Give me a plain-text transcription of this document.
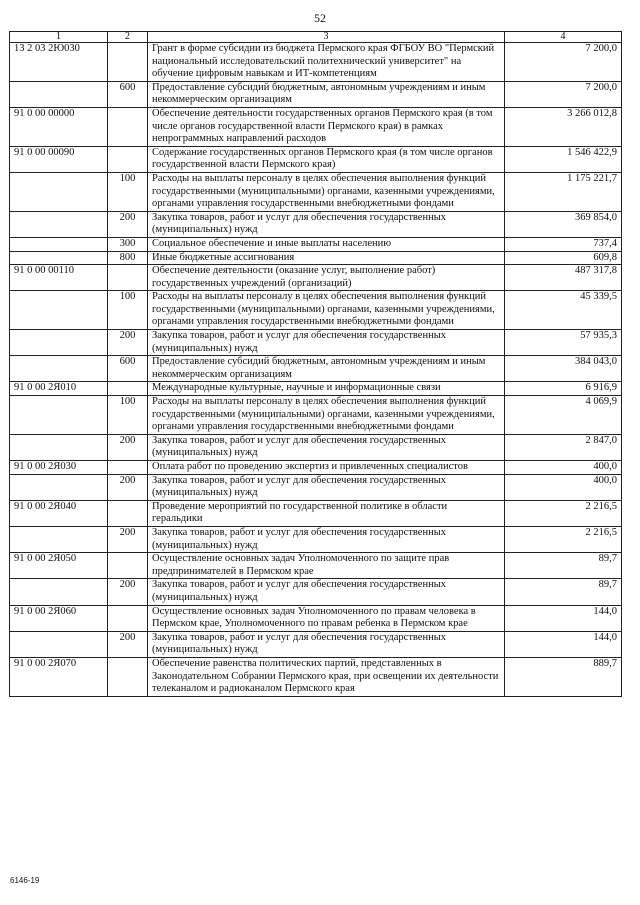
52
1	2	3	4
13 2 03 2Ю030		Грант в форме субсидии из бюджета Пермского края ФГБОУ ВО "Пермский национальный исследовательский политехнический университет" на обучение цифровым навыкам и ИТ-компетенциям	7 200,0
	600	Предоставление субсидий бюджетным, автономным учреждениям и иным некоммерческим организациям	7 200,0
91 0 00 00000		Обеспечение деятельности государственных органов Пермского края (в том числе органов государственной власти Пермского края) в рамках непрограммных направлений расходов	3 266 012,8
91 0 00 00090		Содержание государственных органов Пермского края (в том числе органов государственной власти Пермского края)	1 546 422,9
	100	Расходы на выплаты персоналу в целях обеспечения выполнения функций государственными (муниципальными) органами, казенными учреждениями, органами управления государственными внебюджетными фондами	1 175 221,7
	200	Закупка товаров, работ и услуг для обеспечения государственных (муниципальных) нужд	369 854,0
	300	Социальное обеспечение и иные выплаты населению	737,4
	800	Иные бюджетные ассигнования	609,8
91 0 00 00110		Обеспечение деятельности (оказание услуг, выполнение работ) государственных учреждений (организаций)	487 317,8
	100	Расходы на выплаты персоналу в целях обеспечения выполнения функций государственными (муниципальными) органами, казенными учреждениями, органами управления государственными внебюджетными фондами	45 339,5
	200	Закупка товаров, работ и услуг для обеспечения государственных (муниципальных) нужд	57 935,3
	600	Предоставление субсидий бюджетным, автономным учреждениям и иным некоммерческим организациям	384 043,0
91 0 00 2Я010		Международные культурные, научные и информационные связи	6 916,9
	100	Расходы на выплаты персоналу в целях обеспечения выполнения функций государственными (муниципальными) органами, казенными учреждениями, органами управления государственными внебюджетными фондами	4 069,9
	200	Закупка товаров, работ и услуг для обеспечения государственных (муниципальных) нужд	2 847,0
91 0 00 2Я030		Оплата работ по проведению экспертиз и привлеченных специалистов	400,0
	200	Закупка товаров, работ и услуг для обеспечения государственных (муниципальных) нужд	400,0
91 0 00 2Я040		Проведение мероприятий по государственной политике в области геральдики	2 216,5
	200	Закупка товаров, работ и услуг для обеспечения государственных (муниципальных) нужд	2 216,5
91 0 00 2Я050		Осуществление основных задач Уполномоченного по защите прав предпринимателей в Пермском крае	89,7
	200	Закупка товаров, работ и услуг для обеспечения государственных (муниципальных) нужд	89,7
91 0 00 2Я060		Осуществление основных задач Уполномоченного по правам человека в Пермском крае, Уполномоченного по правам ребенка в Пермском крае	144,0
	200	Закупка товаров, работ и услуг для обеспечения государственных (муниципальных) нужд	144,0
91 0 00 2Я070		Обеспечение равенства политических партий, представленных в Законодательном Собрании Пермского края, при освещении их деятельности телеканалом и радиоканалом Пермского края	889,7
6146-19
